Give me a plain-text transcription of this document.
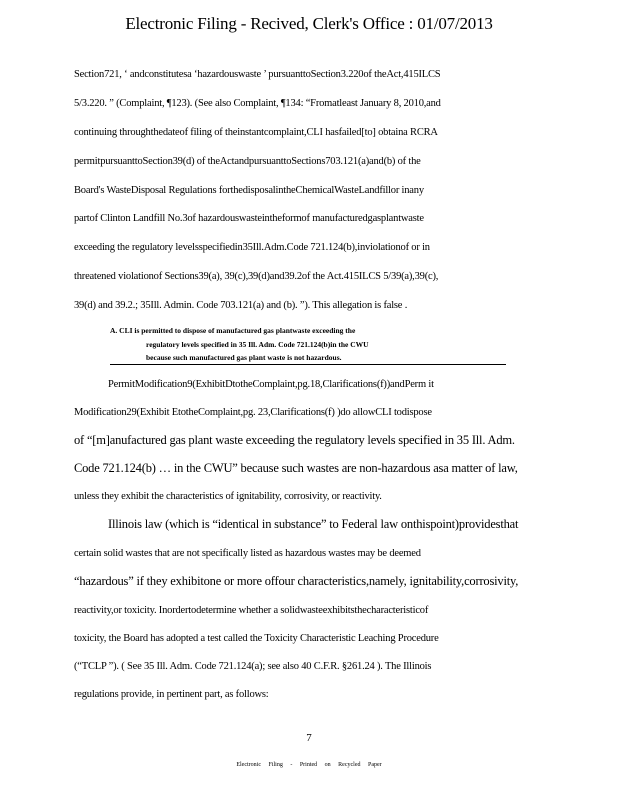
Electronic Filing - Recived, Clerk's Office : 01/07/2013
Section721, ‘ andconstitutesa ‘hazardouswaste ’ pursuanttoSection3.220of theAct,415ILCS
5/3.220. ” (Complaint, ¶123). (See also Complaint, ¶134: “Fromatleast January 8, 2010,and
continuing throughthedateof filing of theinstantcomplaint,CLI hasfailed[to] obtaina RCRA
permitpursuanttoSection39(d) of theActandpursuanttoSections703.121(a)and(b) of the
Board's WasteDisposal Regulations forthedisposalintheChemicalWasteLandfillor inany
partof Clinton Landfill No.3of hazardouswasteintheformof manufacturedgasplantwaste
exceeding the regulatory levelsspecifiedin35Ill.Adm.Code 721.124(b),inviolationof or in
threatened violationof Sections39(a), 39(c),39(d)and39.2of the Act.415ILCS 5/39(a),39(c),
39(d) and 39.2.; 35Ill. Admin. Code 703.121(a) and (b). ”). This allegation is false .
A. CLI is permitted to dispose of manufactured gas plantwaste exceeding the
regulatory levels specified in 35 Ill. Adm. Code 721.124(b)in the CWU
because such manufactured gas plant waste is not hazardous.
PermitModification9(ExhibitDtotheComplaint,pg.18,Clarifications(f))andPerm it
Modification29(Exhibit EtotheComplaint,pg. 23,Clarifications(f) )do allowCLI todispose
of “[m]anufactured gas plant waste exceeding the regulatory levels specified in 35 Ill. Adm.
Code 721.124(b) … in the CWU” because such wastes are non-hazardous asa matter of law,
unless they exhibit the characteristics of ignitability, corrosivity, or reactivity.
Illinois law (which is “identical in substance” to Federal law onthispoint)providesthat
certain solid wastes that are not specifically listed as hazardous wastes may be deemed
“hazardous” if they exhibitone or more offour characteristics,namely, ignitability,corrosivity,
reactivity,or toxicity. Inordertodetermine whether a solidwasteexhibitsthecharacteristicof
toxicity, the Board has adopted a test called the Toxicity Characteristic Leaching Procedure
(“TCLP ”). ( See 35 Ill. Adm. Code 721.124(a); see also 40 C.F.R. §261.24 ). The Illinois
regulations provide, in pertinent part, as follows:
7
Electronic Filing - Printed on Recycled Paper
